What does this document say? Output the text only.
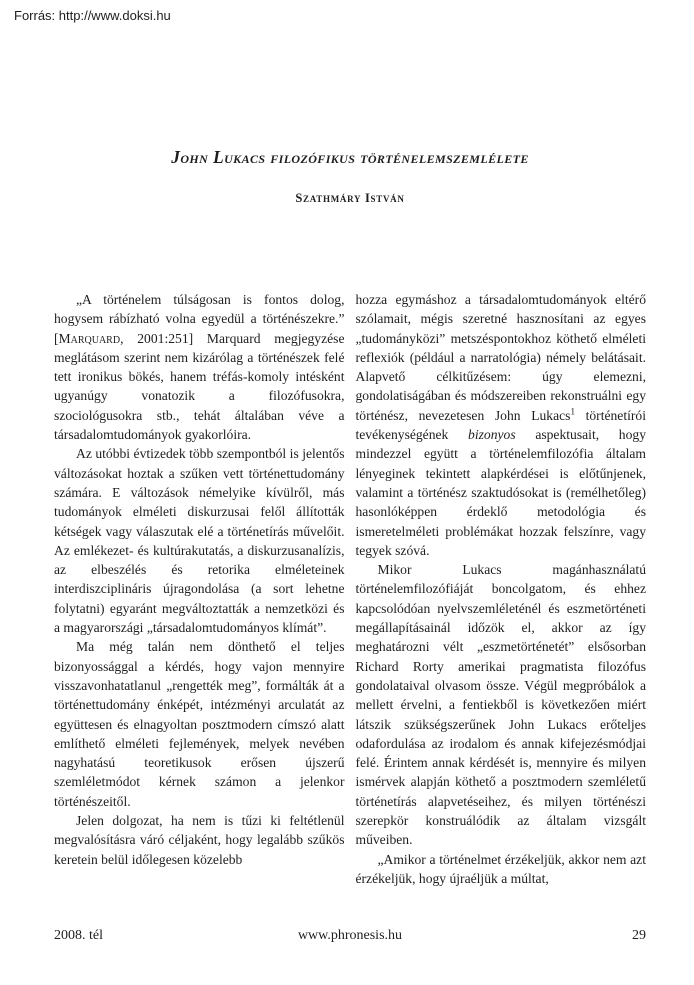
Forrás: http://www.doksi.hu
John Lukacs filozófikus történelemszemlélete
Szathmáry István

„A történelem túlságosan is fontos dolog, hogysem rábízható volna egyedül a történészekre.” [Marquard, 2001:251] Marquard megjegyzése meglátásom szerint nem kizárólag a történészek felé tett ironikus bökés, hanem tréfás-komoly intésként ugyanúgy vonatozik a filozófusokra, szociológusokra stb., tehát általában véve a társadalomtudományok gyakorlóira.

Az utóbbi évtizedek több szempontból is jelentős változásokat hoztak a szűken vett történettudomány számára. E változások némelyike kívülről, más tudományok elméleti diskurzusai felől állították kétségek vagy válaszutak elé a történetírás művelőit. Az emlékezet- és kultúrakutatás, a diskurzusanalízis, az elbeszélés és retorika elméleteinek interdiszciplináris újragondolása (a sort lehetne folytatni) egyaránt megváltoztatták a nemzetközi és a magyarországi „társadalomtudományos klímát”.

Ma még talán nem dönthető el teljes bizonyossággal a kérdés, hogy vajon mennyire visszavonhatatlanul „rengették meg”, formálták át a történettudomány énképét, intézményi arculatát az együttesen és elnagyoltan posztmodern címszó alatt említhető elméleti fejlemények, melyek nevében nagyhatású teoretikusok erősen újszerű szemléletmódot kérnek számon a jelenkor történészeitől.

Jelen dolgozat, ha nem is tűzi ki feltétlenül megvalósításra váró céljaként, hogy legalább szűkös keretein belül időlegesen közelebb

hozza egymáshoz a társadalomtudományok eltérő szólamait, mégis szeretné hasznosítani az egyes „tudományközi” metszéspontokhoz köthető elméleti reflexiók (például a narratológia) némely belátásait. Alapvető célkitűzésem: úgy elemezni, gondolatiságában és módszereiben rekonstruálni egy történész, nevezetesen John Lukacs$^1$ történetírói tevékenységének bizonyos aspektusait, hogy mindezzel együtt a történelemfilozófia általam lényeginek tekintett alapkérdései is előtűnjenek, valamint a történész szaktudósokat is (remélhetőleg) hasonlóképpen érdeklő metodológia és ismeretelméleti problémákat hozzak felszínre, vagy tegyek szóvá.

Mikor Lukacs magánhasználatú történelemfilozófiáját boncolgatom, és ehhez kapcsolódóan nyelvszemléleténél és eszmetörténeti megállapításainál időzök el, akkor az így meghatározni vélt „eszmetörténetét” elsősorban Richard Rorty amerikai pragmatista filozófus gondolataival olvasom össze. Végül megpróbálok a mellett érvelni, a fentiekből is következően miért látszik szükségszerűnek John Lukacs erőteljes odafordulása az irodalom és annak kifejezésmódjai felé. Érintem annak kérdését is, mennyire és milyen ismérvek alapján köthető a posztmodern szemléletű történetírás alapvetéseihez, és milyen történészi szerepkör konstruálódik az általam vizsgált műveiben.

„Amikor a történelmet érzékeljük, akkor nem azt érzékeljük, hogy újraéljük a múltat,

2008. tél	www.phronesis.hu	29
